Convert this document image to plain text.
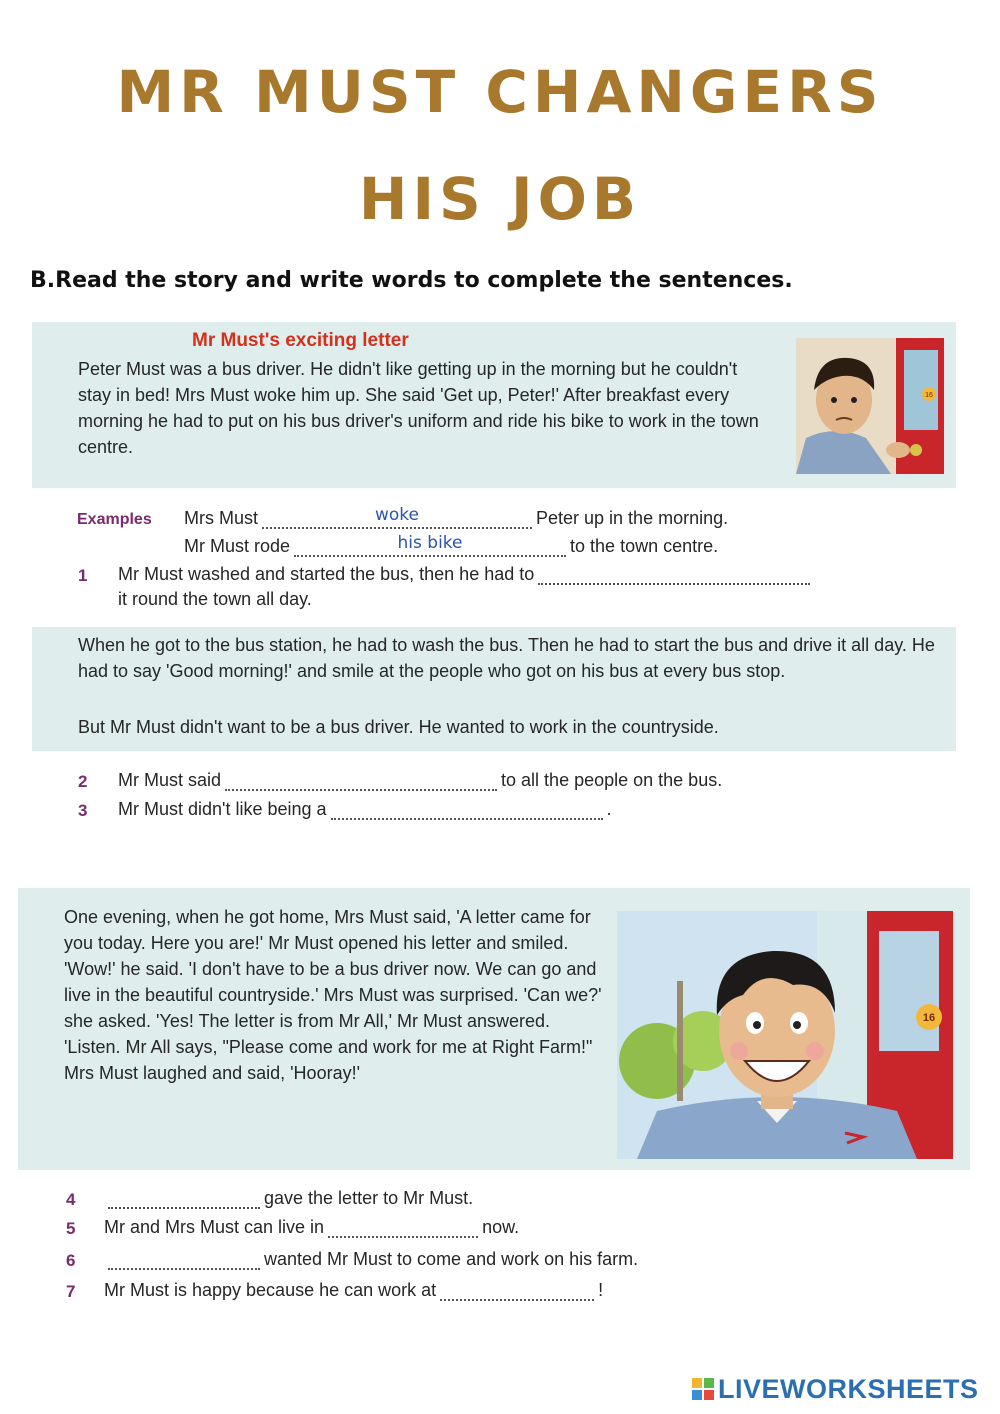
MR MUST CHANGERS
HIS JOB
B.Read the story and write words to complete the sentences.
Mr Must's exciting letter
Peter Must was a bus driver. He didn't like getting up in the morning but he couldn't stay in bed! Mrs Must woke him up. She said 'Get up, Peter!' After breakfast every morning he had to put on his bus driver's uniform and ride his bike to work in the town centre.
16
Examples Mrs Must	woke	Peter up in the morning.
Mr Must rode	his bike	to the town centre.
1 Mr Must washed and started the bus, then he had to
it round the town all day.
When he got to the bus station, he had to wash the bus. Then he had to start the bus and drive it all day. He had to say 'Good morning!' and smile at the people who got on his bus at every bus stop.
But Mr Must didn't want to be a bus driver. He wanted to work in the countryside.
2 Mr Must said	to all the people on the bus.
3 Mr Must didn't like being a	.
One evening, when he got home, Mrs Must said, 'A letter came for you today. Here you are!' Mr Must opened his letter and smiled. 'Wow!' he said. 'I don't have to be a bus driver now. We can go and live in the beautiful countryside.' Mrs Must was surprised. 'Can we?' she asked. 'Yes! The letter is from Mr All,' Mr Must answered. 'Listen. Mr All says, "Please come and work for me at Right Farm!" Mrs Must laughed and said, 'Hooray!'
16
4	gave the letter to Mr Must.
5 Mr and Mrs Must can live in	now.
6	wanted Mr Must to come and work on his farm.
7 Mr Must is happy because he can work at	!
LIVEWORKSHEETS
